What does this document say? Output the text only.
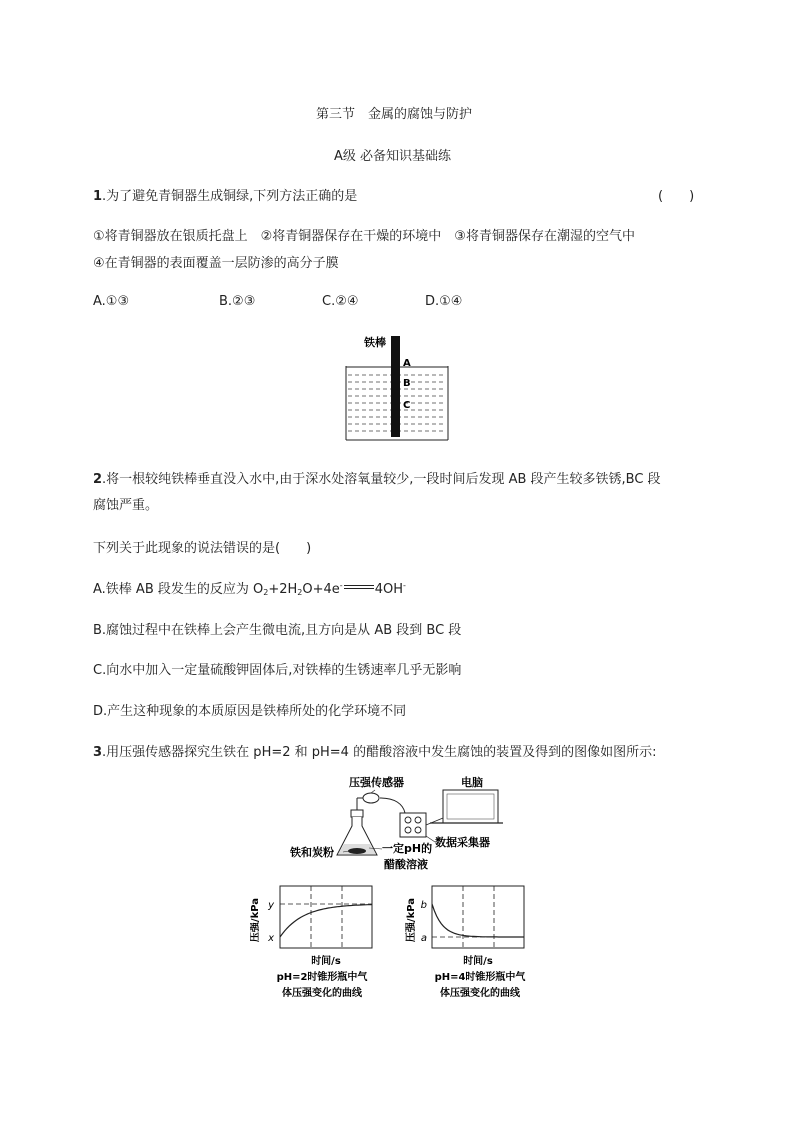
第三节　金属的腐蚀与防护
A级 必备知识基础练
1.为了避免青铜器生成铜绿,下列方法正确的是	(　　)
①将青铜器放在银质托盘上　②将青铜器保存在干燥的环境中　③将青铜器保存在潮湿的空气中
④在青铜器的表面覆盖一层防渗的高分子膜
A.①③	B.②③	C.②④	D.①④
铁棒
A
B
C
2.将一根较纯铁棒垂直没入水中,由于深水处溶氧量较少,一段时间后发现 AB 段产生较多铁锈,BC 段
腐蚀严重。
下列关于此现象的说法错误的是(　　)
A.铁棒 AB 段发生的反应为 $O_2+2H_2O+4e^-$ 4OH-
B.腐蚀过程中在铁棒上会产生微电流,且方向是从 AB 段到 BC 段
C.向水中加入一定量硫酸钾固体后,对铁棒的生锈速率几乎无影响
D.产生这种现象的本质原因是铁棒所处的化学环境不同
3.用压强传感器探究生铁在 pH=2 和 pH=4 的醋酸溶液中发生腐蚀的装置及得到的图像如图所示:
压强传感器	电脑
数据采集器
铁和炭粉	一定pH的
醋酸溶液
y
x
压强/kPa
时间/s
pH=2时锥形瓶中气
体压强变化的曲线
b
a
压强/kPa
时间/s
pH=4时锥形瓶中气
体压强变化的曲线
